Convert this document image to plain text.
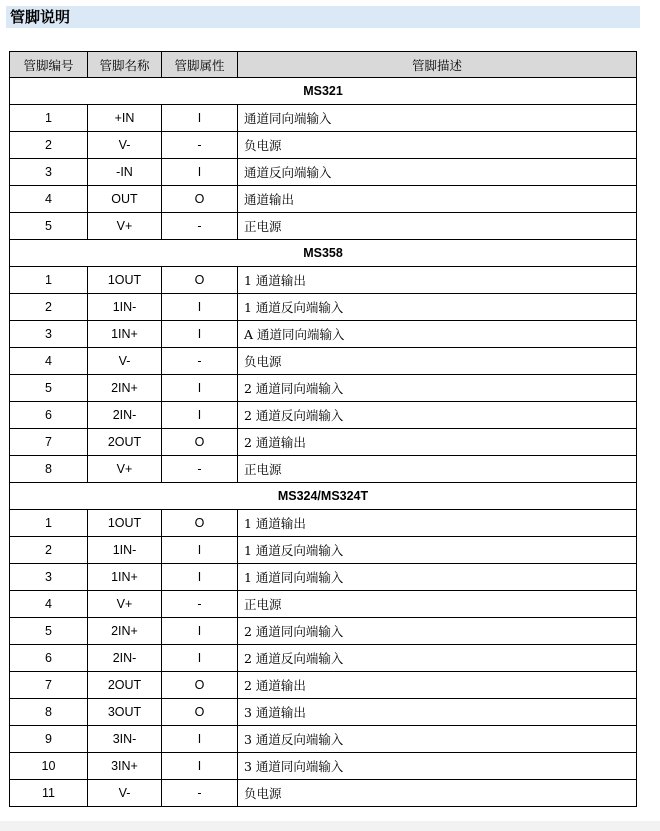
管脚说明
管脚编号	管脚名称	管脚属性	管脚描述
MS321			
1	+IN	I	通道同向端输入
2	V-	-	负电源
3	-IN	I	通道反向端输入
4	OUT	O	通道输出
5	V+	-	正电源
MS358			
1	1OUT	O	1 通道输出
2	1IN-	I	1 通道反向端输入
3	1IN+	I	A 通道同向端输入
4	V-	-	负电源
5	2IN+	I	2 通道同向端输入
6	2IN-	I	2 通道反向端输入
7	2OUT	O	2 通道输出
8	V+	-	正电源
MS324/MS324T			
1	1OUT	O	1 通道输出
2	1IN-	I	1 通道反向端输入
3	1IN+	I	1 通道同向端输入
4	V+	-	正电源
5	2IN+	I	2 通道同向端输入
6	2IN-	I	2 通道反向端输入
7	2OUT	O	2 通道输出
8	3OUT	O	3 通道输出
9	3IN-	I	3 通道反向端输入
10	3IN+	I	3 通道同向端输入
11	V-	-	负电源
